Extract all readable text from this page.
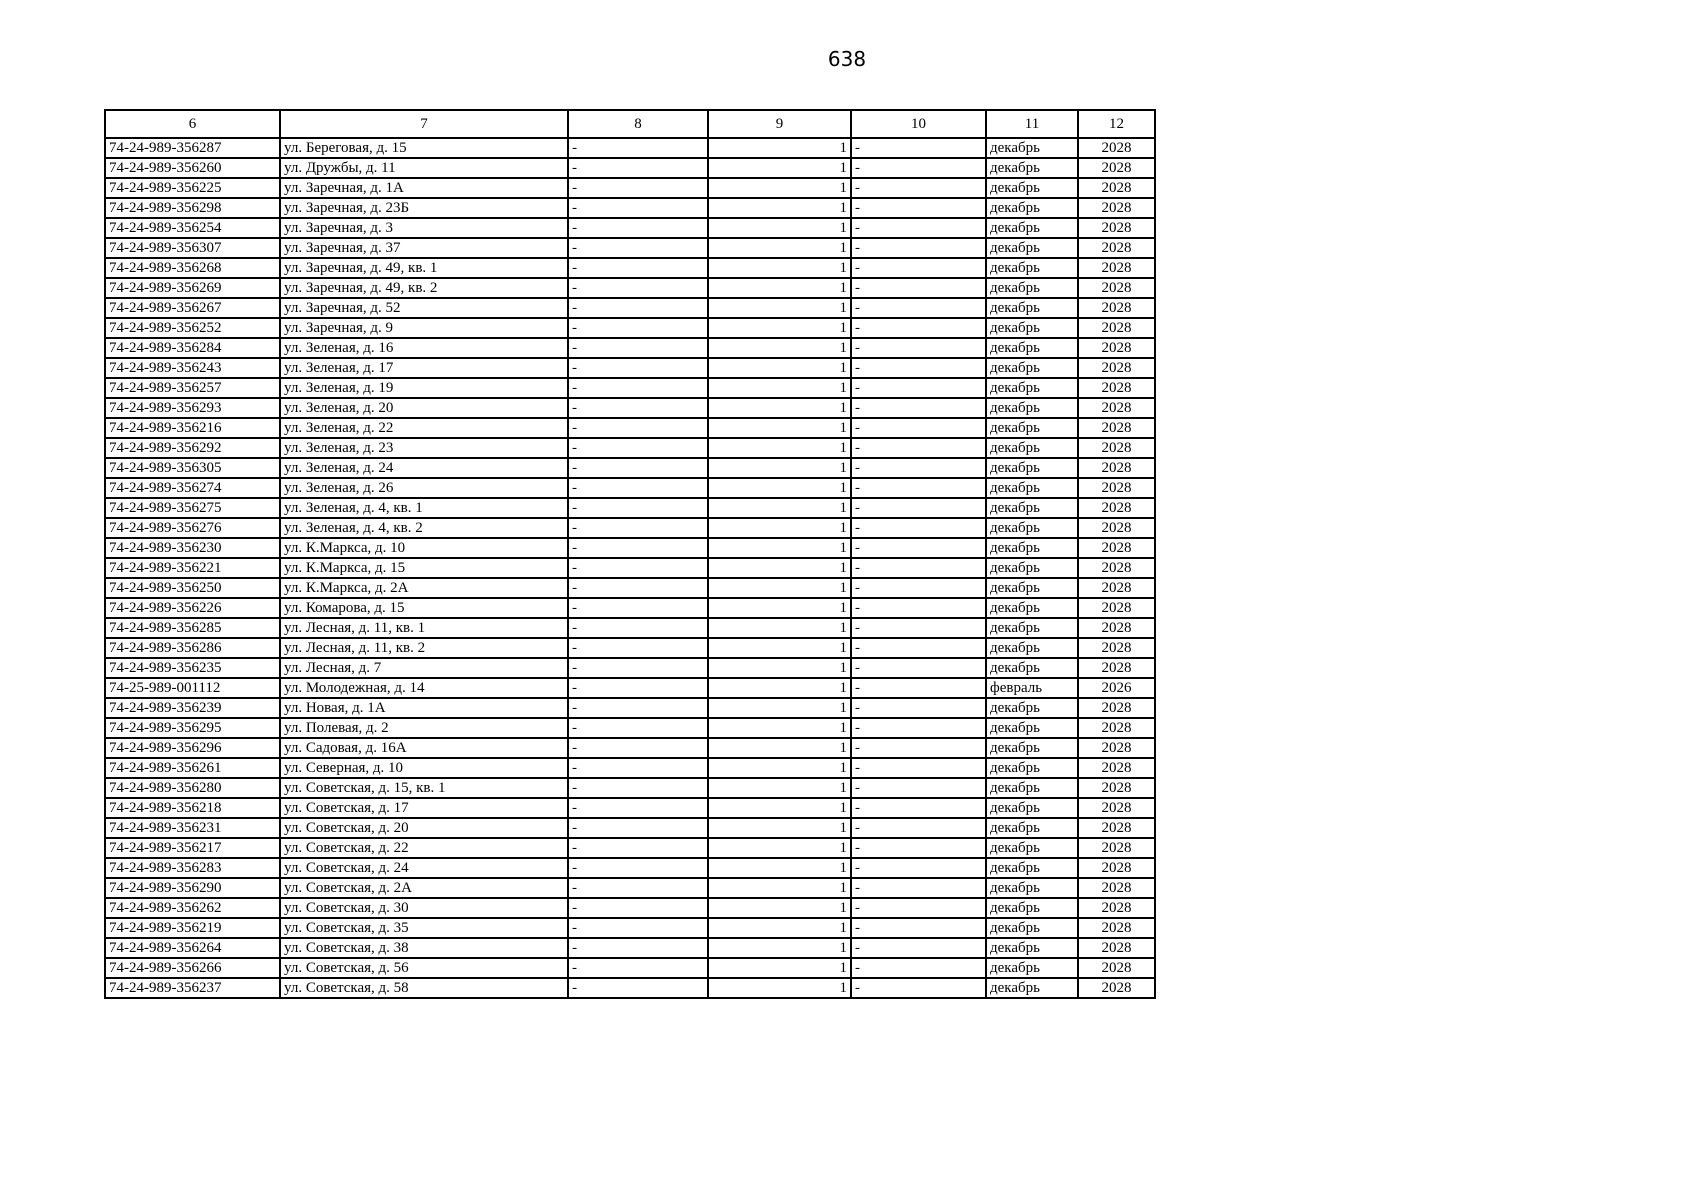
638
6	7	8	9	10	11	12
74-24-989-356287	ул. Береговая, д. 15	-	1	-	декабрь	2028
74-24-989-356260	ул. Дружбы, д. 11	-	1	-	декабрь	2028
74-24-989-356225	ул. Заречная, д. 1А	-	1	-	декабрь	2028
74-24-989-356298	ул. Заречная, д. 23Б	-	1	-	декабрь	2028
74-24-989-356254	ул. Заречная, д. 3	-	1	-	декабрь	2028
74-24-989-356307	ул. Заречная, д. 37	-	1	-	декабрь	2028
74-24-989-356268	ул. Заречная, д. 49, кв. 1	-	1	-	декабрь	2028
74-24-989-356269	ул. Заречная, д. 49, кв. 2	-	1	-	декабрь	2028
74-24-989-356267	ул. Заречная, д. 52	-	1	-	декабрь	2028
74-24-989-356252	ул. Заречная, д. 9	-	1	-	декабрь	2028
74-24-989-356284	ул. Зеленая, д. 16	-	1	-	декабрь	2028
74-24-989-356243	ул. Зеленая, д. 17	-	1	-	декабрь	2028
74-24-989-356257	ул. Зеленая, д. 19	-	1	-	декабрь	2028
74-24-989-356293	ул. Зеленая, д. 20	-	1	-	декабрь	2028
74-24-989-356216	ул. Зеленая, д. 22	-	1	-	декабрь	2028
74-24-989-356292	ул. Зеленая, д. 23	-	1	-	декабрь	2028
74-24-989-356305	ул. Зеленая, д. 24	-	1	-	декабрь	2028
74-24-989-356274	ул. Зеленая, д. 26	-	1	-	декабрь	2028
74-24-989-356275	ул. Зеленая, д. 4, кв. 1	-	1	-	декабрь	2028
74-24-989-356276	ул. Зеленая, д. 4, кв. 2	-	1	-	декабрь	2028
74-24-989-356230	ул. К.Маркса, д. 10	-	1	-	декабрь	2028
74-24-989-356221	ул. К.Маркса, д. 15	-	1	-	декабрь	2028
74-24-989-356250	ул. К.Маркса, д. 2А	-	1	-	декабрь	2028
74-24-989-356226	ул. Комарова, д. 15	-	1	-	декабрь	2028
74-24-989-356285	ул. Лесная, д. 11, кв. 1	-	1	-	декабрь	2028
74-24-989-356286	ул. Лесная, д. 11, кв. 2	-	1	-	декабрь	2028
74-24-989-356235	ул. Лесная, д. 7	-	1	-	декабрь	2028
74-25-989-001112	ул. Молодежная, д. 14	-	1	-	февраль	2026
74-24-989-356239	ул. Новая, д. 1А	-	1	-	декабрь	2028
74-24-989-356295	ул. Полевая, д. 2	-	1	-	декабрь	2028
74-24-989-356296	ул. Садовая, д. 16А	-	1	-	декабрь	2028
74-24-989-356261	ул. Северная, д. 10	-	1	-	декабрь	2028
74-24-989-356280	ул. Советская, д. 15, кв. 1	-	1	-	декабрь	2028
74-24-989-356218	ул. Советская, д. 17	-	1	-	декабрь	2028
74-24-989-356231	ул. Советская, д. 20	-	1	-	декабрь	2028
74-24-989-356217	ул. Советская, д. 22	-	1	-	декабрь	2028
74-24-989-356283	ул. Советская, д. 24	-	1	-	декабрь	2028
74-24-989-356290	ул. Советская, д. 2А	-	1	-	декабрь	2028
74-24-989-356262	ул. Советская, д. 30	-	1	-	декабрь	2028
74-24-989-356219	ул. Советская, д. 35	-	1	-	декабрь	2028
74-24-989-356264	ул. Советская, д. 38	-	1	-	декабрь	2028
74-24-989-356266	ул. Советская, д. 56	-	1	-	декабрь	2028
74-24-989-356237	ул. Советская, д. 58	-	1	-	декабрь	2028
